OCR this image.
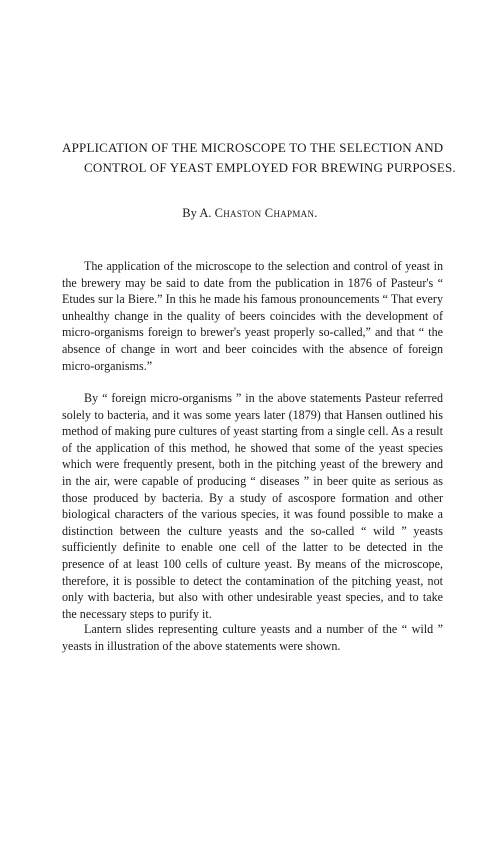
APPLICATION OF THE MICROSCOPE TO THE SELECTION AND CONTROL OF YEAST EMPLOYED FOR BREWING PURPOSES.
By A. Chaston Chapman.

The application of the microscope to the selection and control of yeast in the brewery may be said to date from the publication in 1876 of Pasteur's “ Etudes sur la Biere.” In this he made his famous pronouncements “ That every unhealthy change in the quality of beers coincides with the development of micro-organisms foreign to brewer's yeast properly so-called,” and that “ the absence of change in wort and beer coincides with the absence of foreign micro-organisms.”

By “ foreign micro-organisms ” in the above statements Pasteur referred solely to bacteria, and it was some years later (1879) that Hansen outlined his method of making pure cultures of yeast starting from a single cell. As a result of the application of this method, he showed that some of the yeast species which were frequently present, both in the pitching yeast of the brewery and in the air, were capable of producing “ diseases ” in beer quite as serious as those produced by bacteria. By a study of ascospore formation and other biological characters of the various species, it was found possible to make a distinction between the culture yeasts and the so-called “ wild ” yeasts sufficiently definite to enable one cell of the latter to be detected in the presence of at least 100 cells of culture yeast. By means of the microscope, therefore, it is possible to detect the contamination of the pitching yeast, not only with bacteria, but also with other undesirable yeast species, and to take the necessary steps to purify it.

Lantern slides representing culture yeasts and a number of the “ wild ” yeasts in illustration of the above statements were shown.
